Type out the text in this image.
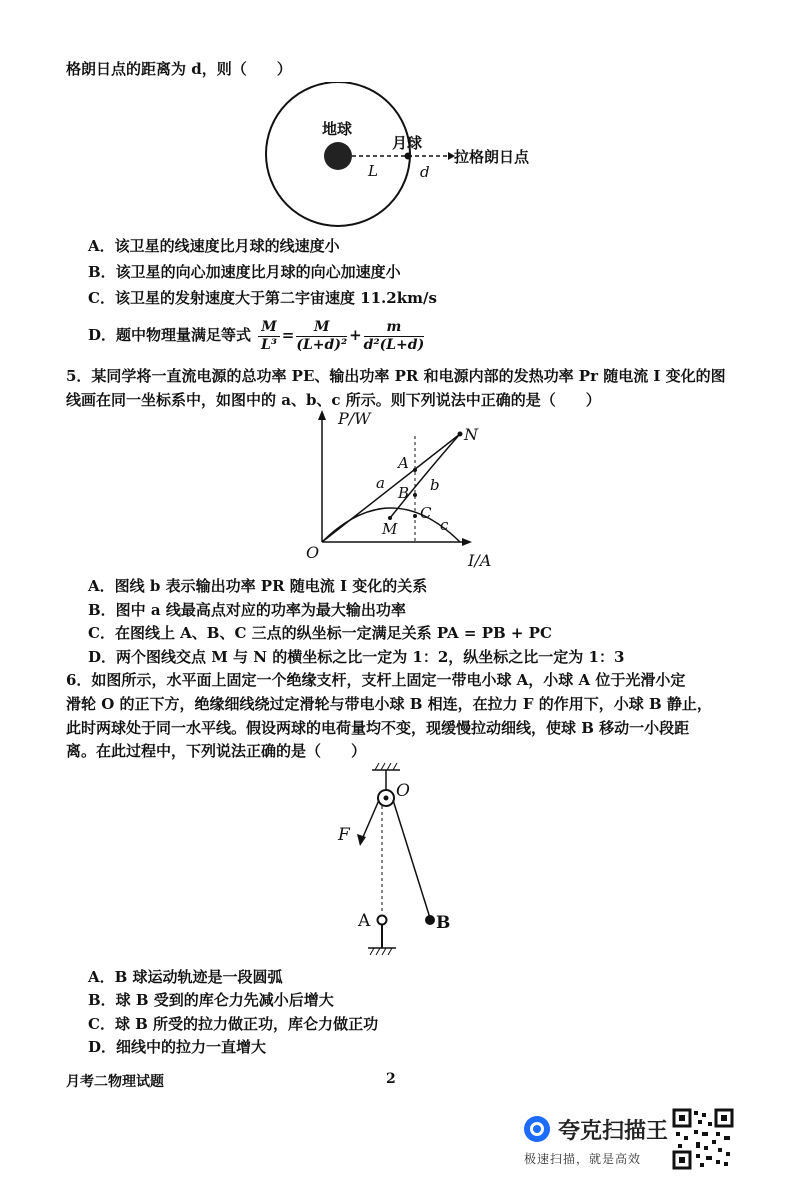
格朗日点的距离为 d，则（　　）
地球
月球
拉格朗日点
L	d
A．该卫星的线速度比月球的线速度小
B．该卫星的向心加速度比月球的向心加速度小
C．该卫星的发射速度大于第二宇宙速度 11.2km/s
D．题中物理量满足等式 $\frac{M}{\text{L³}} = \frac{M}{\text{(L+d)²}} + \frac{m}{\text{d²(L+d)}}$
5．某同学将一直流电源的总功率 PE、输出功率 PR 和电源内部的发热功率 Pr 随电流 I 变化的图
线画在同一坐标系中，如图中的 a、b、c 所示。则下列说法中正确的是（　　）
P/W
I/A
O
N
A
B
C
M
a	b
c
A．图线 b 表示输出功率 PR 随电流 I 变化的关系
B．图中 a 线最高点对应的功率为最大输出功率
C．在图线上 A、B、C 三点的纵坐标一定满足关系 PA = PB + PC
D．两个图线交点 M 与 N 的横坐标之比一定为 1：2，纵坐标之比一定为 1：3
6．如图所示，水平面上固定一个绝缘支杆，支杆上固定一带电小球 A，小球 A 位于光滑小定
滑轮 O 的正下方，绝缘细线绕过定滑轮与带电小球 B 相连，在拉力 F 的作用下，小球 B 静止，
此时两球处于同一水平线。假设两球的电荷量均不变，现缓慢拉动细线，使球 B 移动一小段距
离。在此过程中，下列说法正确的是（　　）
O
F
A	B
A．B 球运动轨迹是一段圆弧
B．球 B 受到的库仑力先减小后增大
C．球 B 所受的拉力做正功，库仑力做正功
D．细线中的拉力一直增大
月考二物理试题	2
夸克扫描王
极速扫描，就是高效
